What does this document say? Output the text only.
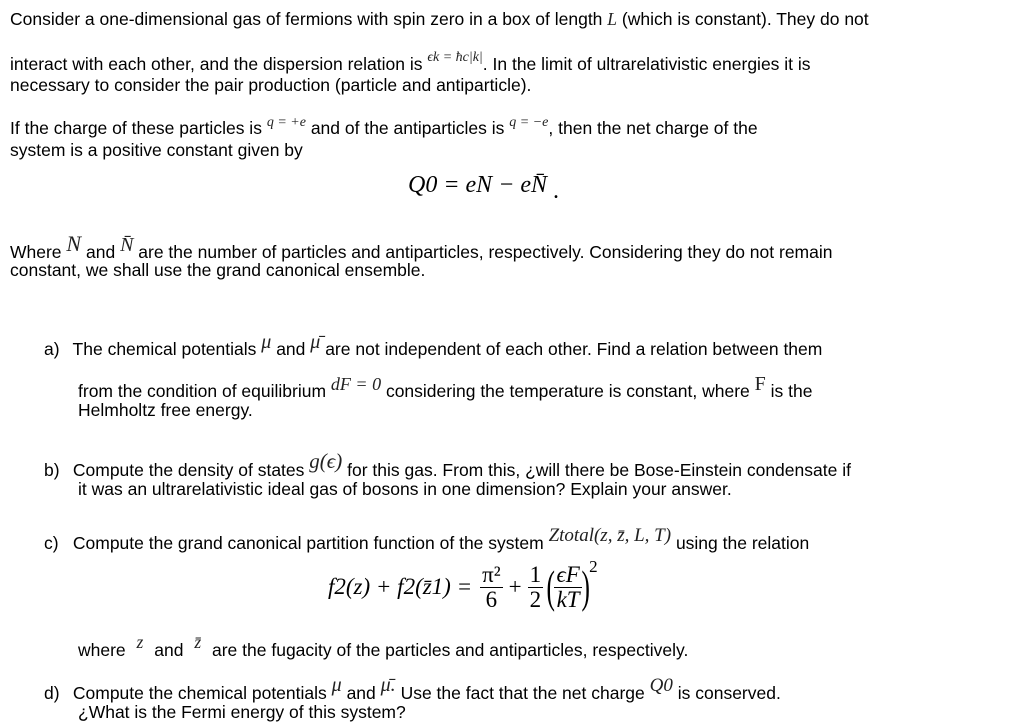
Consider a one-dimensional gas of fermions with spin zero in a box of length L (which is constant). They do not
interact with each other, and the dispersion relation is $^{\epsilon k = ħc|k|}$. In the limit of ultrarelativistic energies it is
necessary to consider the pair production (particle and antiparticle).
If the charge of these particles is $^{q = +e}$ and of the antiparticles is $^{q = -e}$, then the net charge of the
system is a positive constant given by
Q0 = eN − eN̄ .
Where N and N̄ are the number of particles and antiparticles, respectively. Considering they do not remain
constant, we shall use the grand canonical ensemble.
a) The chemical potentials μ and μ̄ are not independent of each other. Find a relation between them
from the condition of equilibrium dF = 0 considering the temperature is constant, where F is the
Helmholtz free energy.
b) Compute the density of states g(ϵ) for this gas. From this, ¿will there be Bose-Einstein condensate if
it was an ultrarelativistic ideal gas of bosons in one dimension? Explain your answer.
c) Compute the grand canonical partition function of the system Ztotal(z, z̄, L, T) using the relation
f2(z) + f2(z̄1) = $\frac{\text{π²}}{6} + \frac{1}{2}$ ( $\frac{\epsilon F}{kT}$ ) 2
where z and z̄ are the fugacity of the particles and antiparticles, respectively.
d) Compute the chemical potentials μ and μ̄. Use the fact that the net charge Q0 is conserved.
¿What is the Fermi energy of this system?
